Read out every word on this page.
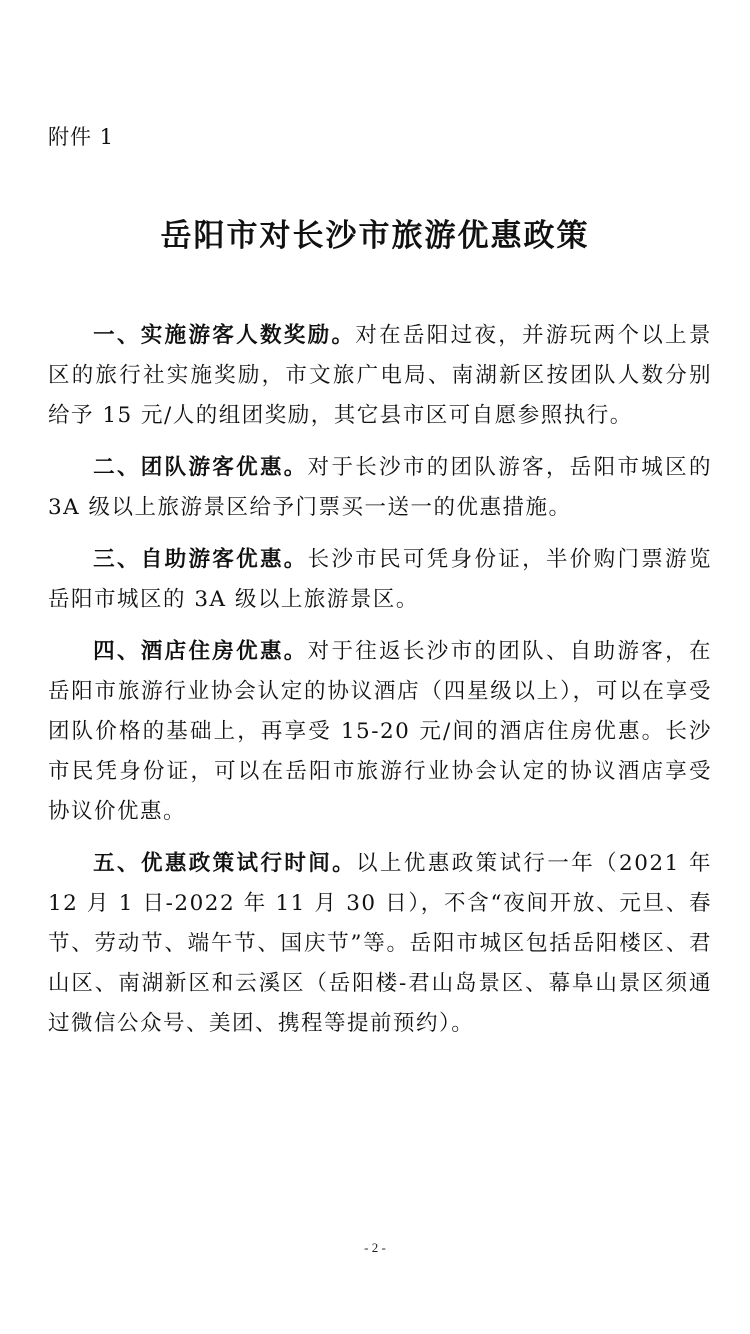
附件 1
岳阳市对长沙市旅游优惠政策

一、实施游客人数奖励。对在岳阳过夜，并游玩两个以上景区的旅行社实施奖励，市文旅广电局、南湖新区按团队人数分别给予 15 元/人的组团奖励，其它县市区可自愿参照执行。

二、团队游客优惠。对于长沙市的团队游客，岳阳市城区的 3A 级以上旅游景区给予门票买一送一的优惠措施。

三、自助游客优惠。长沙市民可凭身份证，半价购门票游览岳阳市城区的 3A 级以上旅游景区。

四、酒店住房优惠。对于往返长沙市的团队、自助游客，在岳阳市旅游行业协会认定的协议酒店（四星级以上），可以在享受团队价格的基础上，再享受 15-20 元/间的酒店住房优惠。长沙市民凭身份证，可以在岳阳市旅游行业协会认定的协议酒店享受协议价优惠。

五、优惠政策试行时间。以上优惠政策试行一年（2021 年 12 月 1 日-2022 年 11 月 30 日），不含“夜间开放、元旦、春节、劳动节、端午节、国庆节”等。岳阳市城区包括岳阳楼区、君山区、南湖新区和云溪区（岳阳楼-君山岛景区、幕阜山景区须通过微信公众号、美团、携程等提前预约）。

- 2 -
